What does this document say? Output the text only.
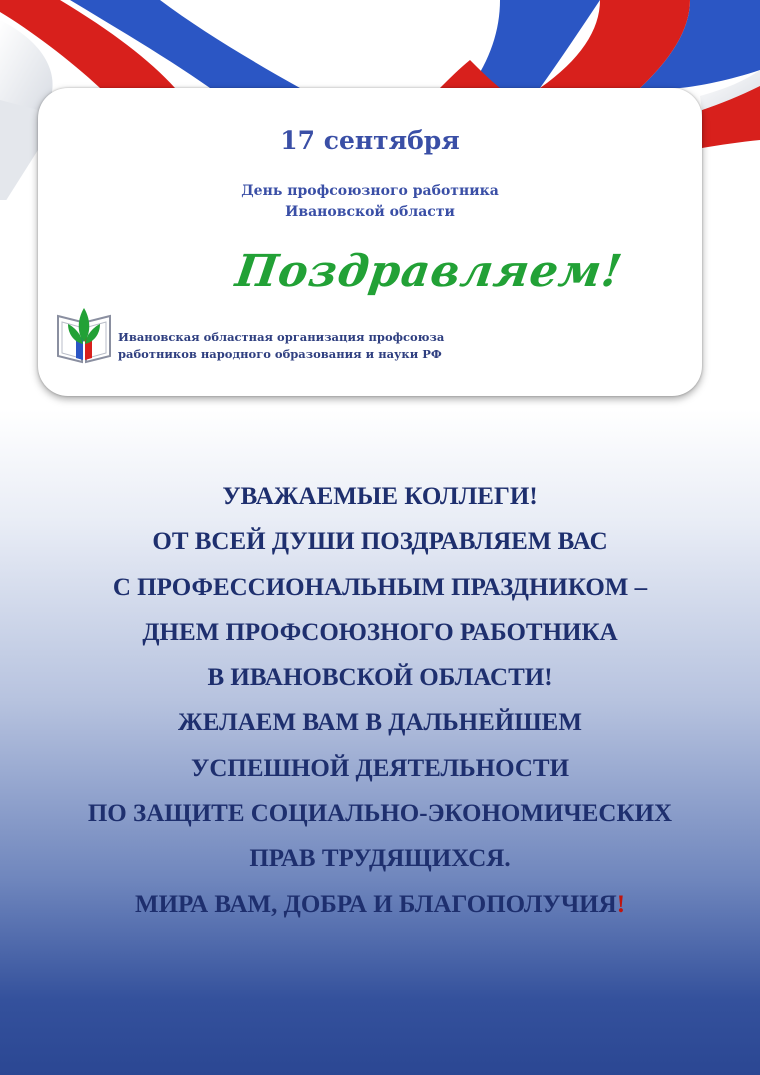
17 сентября
День профсоюзного работника
Ивановской области
Поздравляем!
Ивановская областная организация профсоюза
работников народного образования и науки РФ
УВАЖАЕМЫЕ КОЛЛЕГИ!
ОТ ВСЕЙ ДУШИ ПОЗДРАВЛЯЕМ ВАС
С ПРОФЕССИОНАЛЬНЫМ ПРАЗДНИКОМ –
ДНЕМ ПРОФСОЮЗНОГО РАБОТНИКА
В ИВАНОВСКОЙ ОБЛАСТИ!
ЖЕЛАЕМ ВАМ В ДАЛЬНЕЙШЕМ
УСПЕШНОЙ ДЕЯТЕЛЬНОСТИ
ПО ЗАЩИТЕ СОЦИАЛЬНО-ЭКОНОМИЧЕСКИХ
ПРАВ ТРУДЯЩИХСЯ.
МИРА ВАМ, ДОБРА И БЛАГОПОЛУЧИЯ!
